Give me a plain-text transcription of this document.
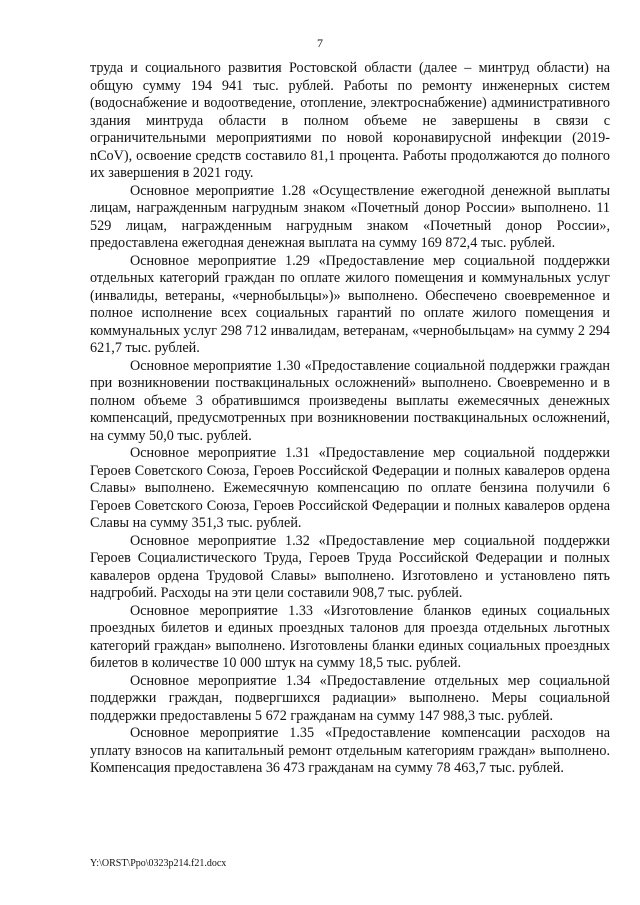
7

труда и социального развития Ростовской области (далее – минтруд области) на общую сумму 194 941 тыс. рублей. Работы по ремонту инженерных систем (водоснабжение и водоотведение, отопление, электроснабжение) административного здания минтруда области в полном объеме не завершены в связи с ограничительными мероприятиями по новой коронавирусной инфекции (2019-nCoV), освоение средств составило 81,1 процента. Работы продолжаются до полного их завершения в 2021 году.

Основное мероприятие 1.28 «Осуществление ежегодной денежной выплаты лицам, награжденным нагрудным знаком «Почетный донор России» выполнено. 11 529 лицам, награжденным нагрудным знаком «Почетный донор России», предоставлена ежегодная денежная выплата на сумму 169 872,4 тыс. рублей.

Основное мероприятие 1.29 «Предоставление мер социальной поддержки отдельных категорий граждан по оплате жилого помещения и коммунальных услуг (инвалиды, ветераны, «чернобыльцы»)» выполнено. Обеспечено своевременное и полное исполнение всех социальных гарантий по оплате жилого помещения и коммунальных услуг 298 712 инвалидам, ветеранам, «чернобыльцам» на сумму 2 294 621,7 тыс. рублей.

Основное мероприятие 1.30 «Предоставление социальной поддержки граждан при возникновении поствакцинальных осложнений» выполнено. Своевременно и в полном объеме 3 обратившимся произведены выплаты ежемесячных денежных компенсаций, предусмотренных при возникновении поствакцинальных осложнений, на сумму 50,0 тыс. рублей.

Основное мероприятие 1.31 «Предоставление мер социальной поддержки Героев Советского Союза, Героев Российской Федерации и полных кавалеров ордена Славы» выполнено. Ежемесячную компенсацию по оплате бензина получили 6 Героев Советского Союза, Героев Российской Федерации и полных кавалеров ордена Славы на сумму 351,3 тыс. рублей.

Основное мероприятие 1.32 «Предоставление мер социальной поддержки Героев Социалистического Труда, Героев Труда Российской Федерации и полных кавалеров ордена Трудовой Славы» выполнено. Изготовлено и установлено пять надгробий. Расходы на эти цели составили 908,7 тыс. рублей.

Основное мероприятие 1.33 «Изготовление бланков единых социальных проездных билетов и единых проездных талонов для проезда отдельных льготных категорий граждан» выполнено. Изготовлены бланки единых социальных проездных билетов в количестве 10 000 штук на сумму 18,5 тыс. рублей.

Основное мероприятие 1.34 «Предоставление отдельных мер социальной поддержки граждан, подвергшихся радиации» выполнено. Меры социальной поддержки предоставлены 5 672 гражданам на сумму 147 988,3 тыс. рублей.

Основное мероприятие 1.35 «Предоставление компенсации расходов на уплату взносов на капитальный ремонт отдельным категориям граждан» выполнено. Компенсация предоставлена 36 473 гражданам на сумму 78 463,7 тыс. рублей.

Y:\ORST\Ppo\0323p214.f21.docx
